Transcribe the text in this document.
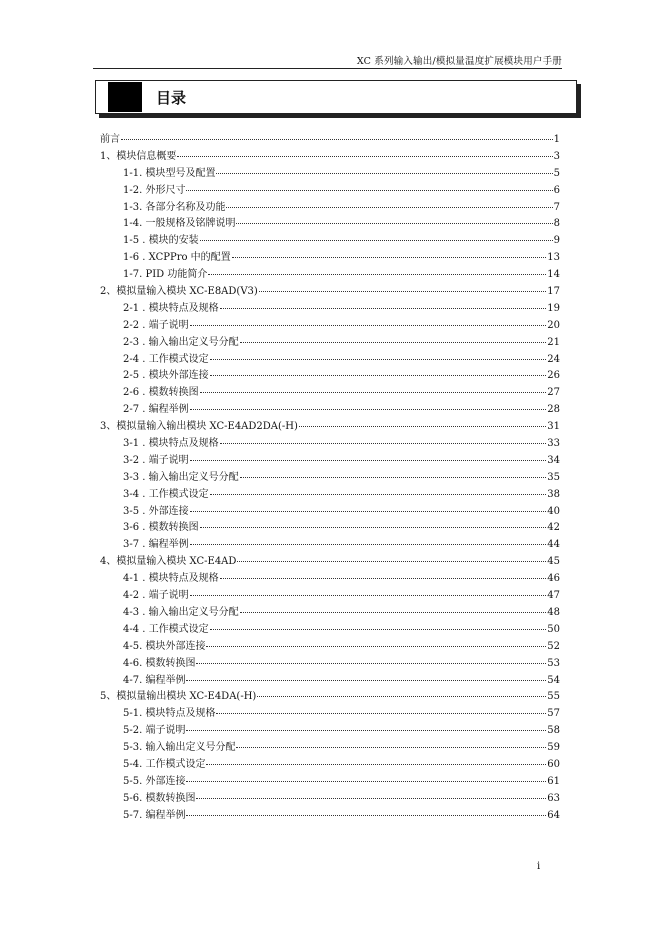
XC 系列输入输出/模拟量温度扩展模块用户手册
目录
前言	1
1、模块信息概要	3
1-1. 模块型号及配置	5
1-2. 外形尺寸	6
1-3. 各部分名称及功能	7
1-4. 一般规格及铭牌说明	8
1-5 . 模块的安装	9
1-6 . XCPPro 中的配置	13
1-7. PID 功能简介	14
2、模拟量输入模块 XC-E8AD(V3)	17
2-1 . 模块特点及规格	19
2-2 . 端子说明	20
2-3 . 输入输出定义号分配	21
2-4 . 工作模式设定	24
2-5 . 模块外部连接	26
2-6 . 模数转换图	27
2-7 . 编程举例	28
3、模拟量输入输出模块 XC-E4AD2DA(-H)	31
3-1 . 模块特点及规格	33
3-2 . 端子说明	34
3-3 . 输入输出定义号分配	35
3-4 . 工作模式设定	38
3-5 . 外部连接	40
3-6 . 模数转换图	42
3-7 . 编程举例	44
4、模拟量输入模块 XC-E4AD	45
4-1 . 模块特点及规格	46
4-2 . 端子说明	47
4-3 . 输入输出定义号分配	48
4-4 . 工作模式设定	50
4-5. 模块外部连接	52
4-6. 模数转换图	53
4-7. 编程举例	54
5、模拟量输出模块 XC-E4DA(-H)	55
5-1. 模块特点及规格	57
5-2. 端子说明	58
5-3. 输入输出定义号分配	59
5-4. 工作模式设定	60
5-5. 外部连接	61
5-6. 模数转换图	63
5-7. 编程举例	64
i
